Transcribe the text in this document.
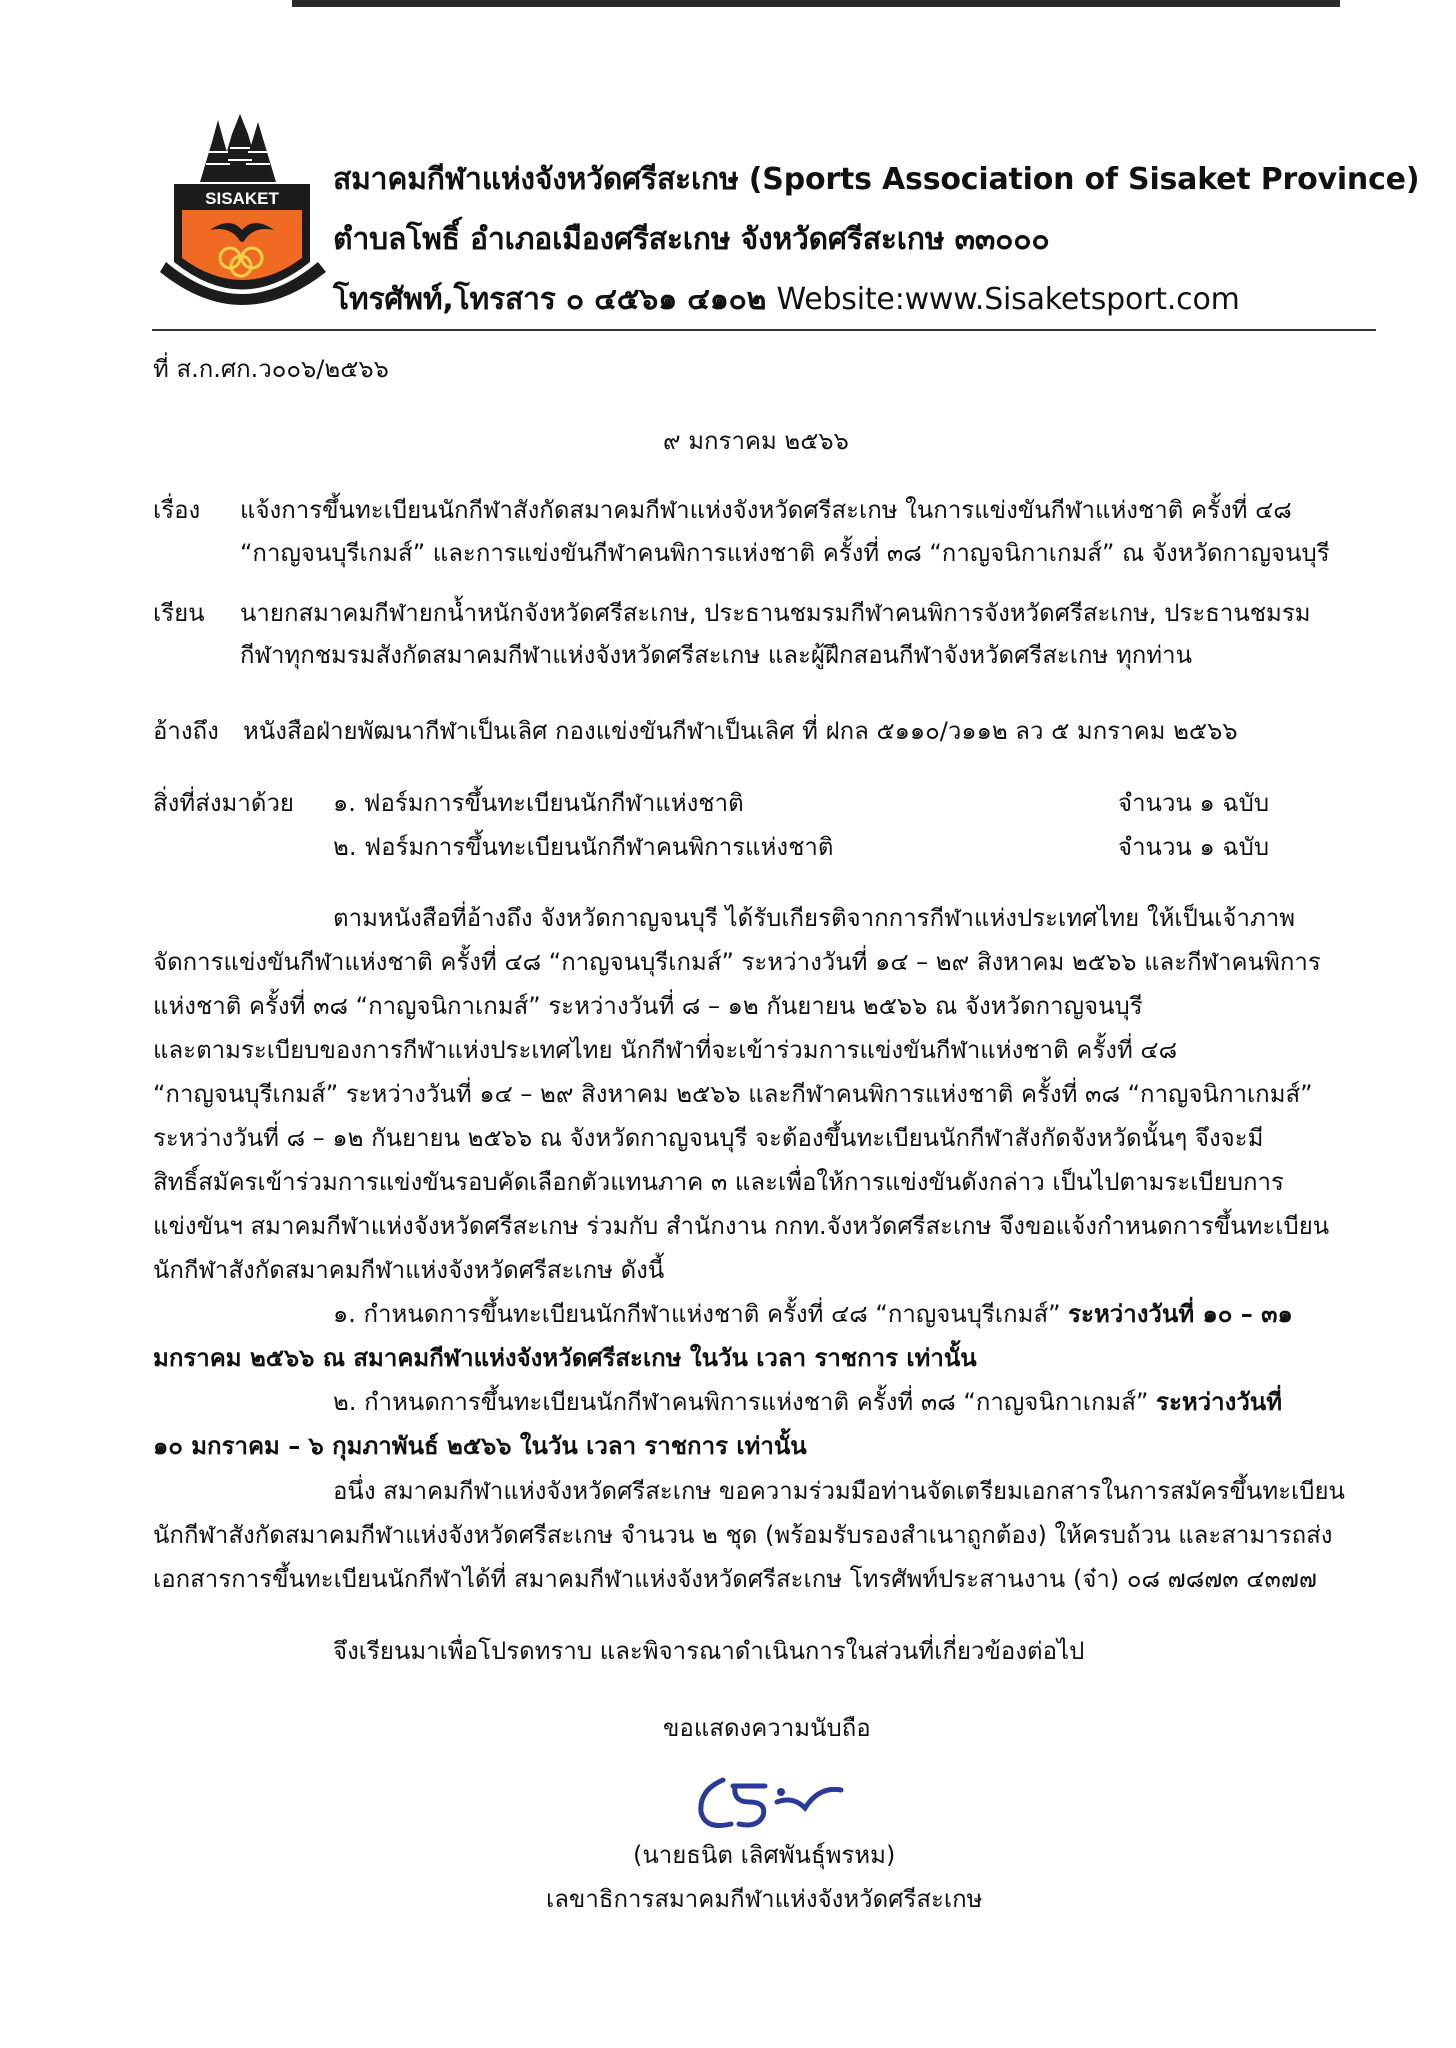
SISAKET
สมาคมกีฬาแห่งจังหวัดศรีสะเกษ (Sports Association of Sisaket Province)
ตำบลโพธิ์ อำเภอเมืองศรีสะเกษ จังหวัดศรีสะเกษ ๓๓๐๐๐
โทรศัพท์,โทรสาร ๐ ๔๕๖๑ ๔๑๐๒ Website:www.Sisaketsport.com
ที่ ส.ก.ศก.ว๐๐๖/๒๕๖๖
๙ มกราคม ๒๕๖๖
เรื่อง แจ้งการขึ้นทะเบียนนักกีฬาสังกัดสมาคมกีฬาแห่งจังหวัดศรีสะเกษ ในการแข่งขันกีฬาแห่งชาติ ครั้งที่ ๔๘
“กาญจนบุรีเกมส์” และการแข่งขันกีฬาคนพิการแห่งชาติ ครั้งที่ ๓๘ “กาญจนิกาเกมส์” ณ จังหวัดกาญจนบุรี
เรียน นายกสมาคมกีฬายกน้ำหนักจังหวัดศรีสะเกษ, ประธานชมรมกีฬาคนพิการจังหวัดศรีสะเกษ, ประธานชมรม
กีฬาทุกชมรมสังกัดสมาคมกีฬาแห่งจังหวัดศรีสะเกษ และผู้ฝึกสอนกีฬาจังหวัดศรีสะเกษ ทุกท่าน
อ้างถึง หนังสือฝ่ายพัฒนากีฬาเป็นเลิศ กองแข่งขันกีฬาเป็นเลิศ ที่ ฝกล ๕๑๑๐/ว๑๑๒ ลว ๕ มกราคม ๒๕๖๖
สิ่งที่ส่งมาด้วย ๑. ฟอร์มการขึ้นทะเบียนนักกีฬาแห่งชาติ	จำนวน ๑ ฉบับ
๒. ฟอร์มการขึ้นทะเบียนนักกีฬาคนพิการแห่งชาติ	จำนวน ๑ ฉบับ
ตามหนังสือที่อ้างถึง จังหวัดกาญจนบุรี ได้รับเกียรติจากการกีฬาแห่งประเทศไทย ให้เป็นเจ้าภาพ
จัดการแข่งขันกีฬาแห่งชาติ ครั้งที่ ๔๘ “กาญจนบุรีเกมส์” ระหว่างวันที่ ๑๔ – ๒๙ สิงหาคม ๒๕๖๖ และกีฬาคนพิการ
แห่งชาติ ครั้งที่ ๓๘ “กาญจนิกาเกมส์” ระหว่างวันที่ ๘ – ๑๒ กันยายน ๒๕๖๖ ณ จังหวัดกาญจนบุรี
และตามระเบียบของการกีฬาแห่งประเทศไทย นักกีฬาที่จะเข้าร่วมการแข่งขันกีฬาแห่งชาติ ครั้งที่ ๔๘
“กาญจนบุรีเกมส์” ระหว่างวันที่ ๑๔ – ๒๙ สิงหาคม ๒๕๖๖ และกีฬาคนพิการแห่งชาติ ครั้งที่ ๓๘ “กาญจนิกาเกมส์”
ระหว่างวันที่ ๘ – ๑๒ กันยายน ๒๕๖๖ ณ จังหวัดกาญจนบุรี จะต้องขึ้นทะเบียนนักกีฬาสังกัดจังหวัดนั้นๆ จึงจะมี
สิทธิ์สมัครเข้าร่วมการแข่งขันรอบคัดเลือกตัวแทนภาค ๓ และเพื่อให้การแข่งขันดังกล่าว เป็นไปตามระเบียบการ
แข่งขันฯ สมาคมกีฬาแห่งจังหวัดศรีสะเกษ ร่วมกับ สำนักงาน กกท.จังหวัดศรีสะเกษ จึงขอแจ้งกำหนดการขึ้นทะเบียน
นักกีฬาสังกัดสมาคมกีฬาแห่งจังหวัดศรีสะเกษ ดังนี้
๑. กำหนดการขึ้นทะเบียนนักกีฬาแห่งชาติ ครั้งที่ ๔๘ “กาญจนบุรีเกมส์” ระหว่างวันที่ ๑๐ – ๓๑
มกราคม ๒๕๖๖ ณ สมาคมกีฬาแห่งจังหวัดศรีสะเกษ ในวัน เวลา ราชการ เท่านั้น
๒. กำหนดการขึ้นทะเบียนนักกีฬาคนพิการแห่งชาติ ครั้งที่ ๓๘ “กาญจนิกาเกมส์” ระหว่างวันที่
๑๐ มกราคม – ๖ กุมภาพันธ์ ๒๕๖๖ ในวัน เวลา ราชการ เท่านั้น
อนึ่ง สมาคมกีฬาแห่งจังหวัดศรีสะเกษ ขอความร่วมมือท่านจัดเตรียมเอกสารในการสมัครขึ้นทะเบียน
นักกีฬาสังกัดสมาคมกีฬาแห่งจังหวัดศรีสะเกษ จำนวน ๒ ชุด (พร้อมรับรองสำเนาถูกต้อง) ให้ครบถ้วน และสามารถส่ง
เอกสารการขึ้นทะเบียนนักกีฬาได้ที่ สมาคมกีฬาแห่งจังหวัดศรีสะเกษ โทรศัพท์ประสานงาน (จ๋า) ๐๘ ๗๘๗๓ ๔๓๗๗
จึงเรียนมาเพื่อโปรดทราบ และพิจารณาดำเนินการในส่วนที่เกี่ยวข้องต่อไป
ขอแสดงความนับถือ
(นายธนิต เลิศพันธุ์พรหม)
เลขาธิการสมาคมกีฬาแห่งจังหวัดศรีสะเกษ
